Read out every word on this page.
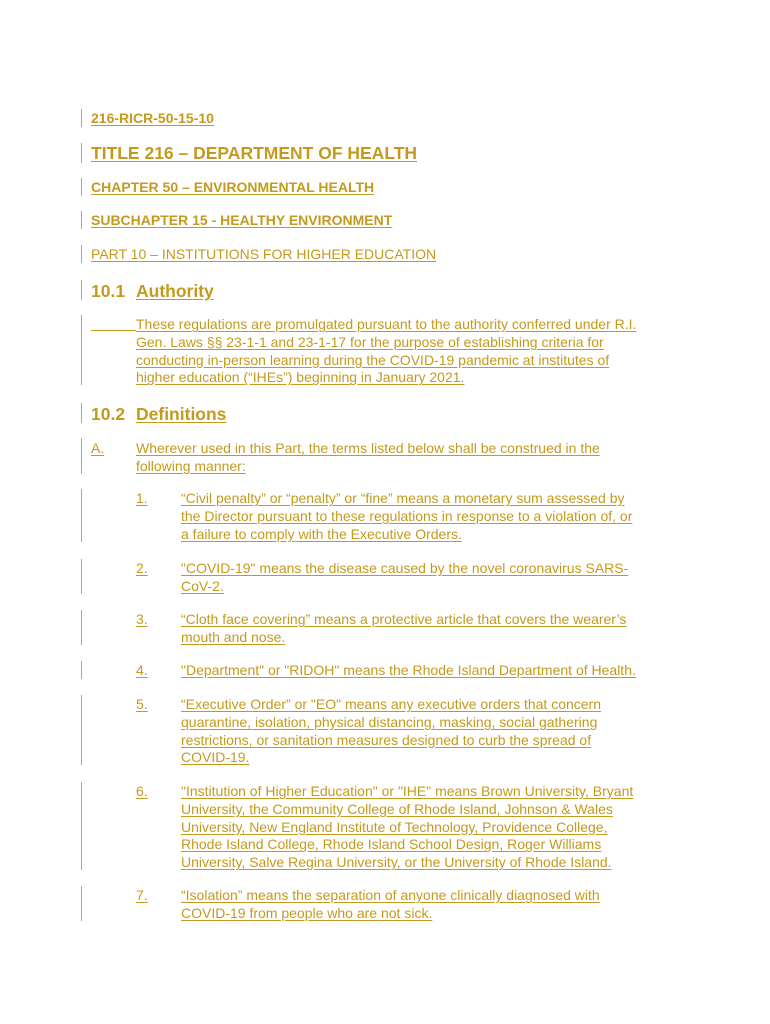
216-RICR-50-15-10
TITLE 216 – DEPARTMENT OF HEALTH
CHAPTER 50 – ENVIRONMENTAL HEALTH
SUBCHAPTER 15 - HEALTHY ENVIRONMENT
PART 10 – INSTITUTIONS FOR HIGHER EDUCATION
10.1 Authority
These regulations are promulgated pursuant to the authority conferred under R.I.
Gen. Laws §§ 23-1-1 and 23-1-17 for the purpose of establishing criteria for
conducting in-person learning during the COVID-19 pandemic at institutes of
higher education (“IHEs”) beginning in January 2021.
10.2 Definitions
A. Wherever used in this Part, the terms listed below shall be construed in the
following manner:
1. “Civil penalty” or “penalty” or “fine” means a monetary sum assessed by
the Director pursuant to these regulations in response to a violation of, or
a failure to comply with the Executive Orders.
2. "COVID-19" means the disease caused by the novel coronavirus SARS-
CoV-2.
3. “Cloth face covering” means a protective article that covers the wearer’s
mouth and nose.
4. "Department" or "RIDOH" means the Rhode Island Department of Health.
5. “Executive Order” or "EO" means any executive orders that concern
quarantine, isolation, physical distancing, masking, social gathering
restrictions, or sanitation measures designed to curb the spread of
COVID-19.
6. "Institution of Higher Education" or "IHE" means Brown University, Bryant
University, the Community College of Rhode Island, Johnson & Wales
University, New England Institute of Technology, Providence College,
Rhode Island College, Rhode Island School Design, Roger Williams
University, Salve Regina University, or the University of Rhode Island.
7. “Isolation” means the separation of anyone clinically diagnosed with
COVID-19 from people who are not sick.
